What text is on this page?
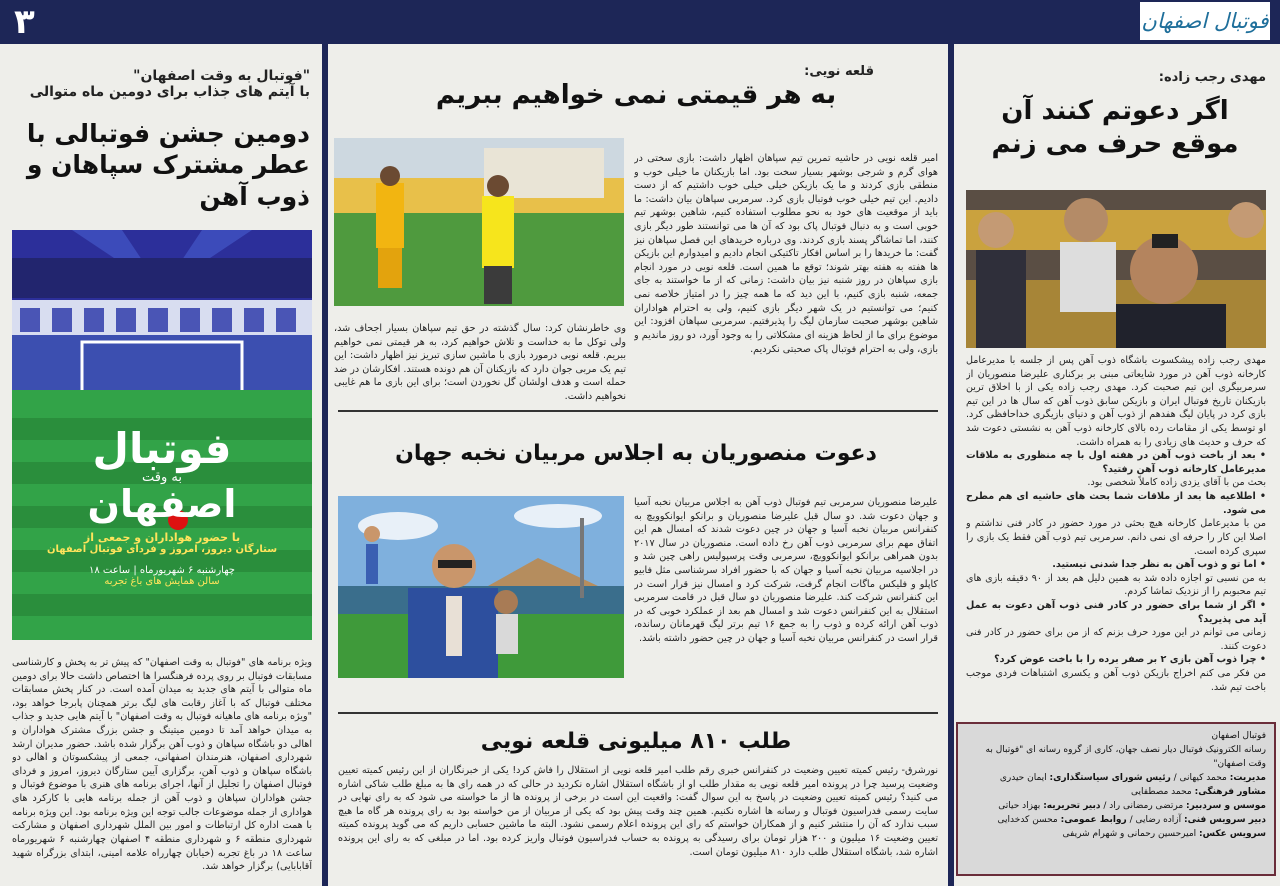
۳	فوتبال اصفهان
"فوتبال به وقت اصفهان"
با آیتم های جذاب برای دومین ماه متوالی
دومین جشن فوتبالی با عطر مشترک سپاهان و ذوب آهن
فوتبال
به وقت
اصفهان
با حضور هواداران و جمعی از
ستارگان دیروز، امروز و فردای فوتبال اصفهان
چهارشنبه ۶ شهریورماه | ساعت ۱۸
سالن همایش های باغ تجربه
ویژه برنامه های "فوتبال به وقت اصفهان" که پیش تر به پخش و کارشناسی مسابقات فوتبال بر روی پرده فرهنگسرا ها اختصاص داشت حالا برای دومین ماه متوالی با آیتم های جدید به میدان آمده است. در کنار پخش مسابقات مختلف فوتبال که با آغاز رقابت های لیگ برتر همچنان پابرجا خواهد بود، "ویژه برنامه های ماهیانه فوتبال به وقت اصفهان" با آیتم هایی جدید و جذاب به میدان خواهد آمد تا دومین میتینگ و جشن بزرگ مشترک هواداران و اهالی دو باشگاه سپاهان و ذوب آهن برگزار شده باشد. حضور مدیران ارشد شهرداری اصفهان، هنرمندان اصفهانی، جمعی از پیشکسوتان و اهالی دو باشگاه سپاهان و ذوب آهن، برگزاری آیین ستارگان دیروز، امروز و فردای فوتبال اصفهان را تجلیل از آنها، اجرای برنامه های هنری با موضوع فوتبال و جشن هواداران سپاهان و ذوب آهن از جمله برنامه هایی با کارکرد های هواداری از جمله موضوعات جالب توجه این ویژه برنامه بود. این ویژه برنامه با همت اداره کل ارتباطات و امور بین الملل شهرداری اصفهان و مشارکت شهرداری منطقه ۶ و شهرداری منطقه ۴ اصفهان چهارشنبه ۶ شهریورماه ساعت ۱۸ در باغ تجربه (خیابان چهارراه علامه امینی، ابتدای بزرگراه شهید آقابابایی) برگزار خواهد شد.
قلعه نویی:
به هر قیمتی نمی خواهیم ببریم
امیر قلعه نویی در حاشیه تمرین تیم سپاهان اظهار داشت: بازی سختی در هوای گرم و شرجی بوشهر بسیار سخت بود. اما بازیکنان ما خیلی خوب و منطقی بازی کردند و ما یک بازیکن خیلی خیلی خوب داشتیم که از دست دادیم. این تیم خیلی خوب فوتبال بازی کرد. سرمربی سپاهان بیان داشت: ما باید از موقعیت های خود به نحو مطلوب استفاده کنیم، شاهین بوشهر تیم خوبی است و به دنبال فوتبال پاک بود که آن ها می توانستند طور دیگر بازی کنند، اما تماشاگر پسند بازی کردند. وی درباره خریدهای این فصل سپاهان نیز گفت: ما خریدها را بر اساس افکار تاکتیکی انجام دادیم و امیدوارم این بازیکن ها هفته به هفته بهتر شوند؛ توقع ما همین است. قلعه نویی در مورد انجام بازی سپاهان در روز شنبه نیز بیان داشت: زمانی که از ما خواستند به جای جمعه، شنبه بازی کنیم، با این دید که ما همه چیز را در امتیاز خلاصه نمی کنیم؛ می توانستیم در یک شهر دیگر بازی کنیم، ولی به احترام هواداران شاهین بوشهر صحبت سازمان لیگ را پذیرفتیم. سرمربی سپاهان افزود: این موضوع برای ما از لحاظ هزینه ای مشکلاتی را به وجود آورد، دو روز ماندیم و بازی، ولی به احترام فوتبال پاک صحبتی نکردیم.
وی خاطرنشان کرد: سال گذشته در حق تیم سپاهان بسیار اجحاف شد، ولی توکل ما به خداست و تلاش خواهیم کرد، به هر قیمتی نمی خواهیم ببریم. قلعه نویی درمورد بازی با ماشین سازی تبریز نیز اظهار داشت: این تیم یک مربی جوان دارد که بازیکنان آن هم دونده هستند. افکارشان در ضد حمله است و هدف اولشان گل نخوردن است؛ برای این بازی ما هم غایبی نخواهیم داشت.
دعوت منصوریان به اجلاس مربیان نخبه جهان
علیرضا منصوریان سرمربی تیم فوتبال ذوب آهن به اجلاس مربیان نخبه آسیا و جهان دعوت شد. دو سال قبل علیرضا منصوریان و برانکو ایوانکوویچ به کنفرانس مربیان نخبه آسیا و جهان در چین دعوت شدند که امسال هم این اتفاق مهم برای سرمربی ذوب آهن رخ داده است. منصوریان در سال ۲۰۱۷ بدون همراهی برانکو ایوانکوویچ، سرمربی وقت پرسپولیس راهی چین شد و در اجلاسیه مربیان نخبه آسیا و جهان که با حضور افراد سرشناسی مثل فابیو کاپلو و فلیکس ماگات انجام گرفت، شرکت کرد و امسال نیز قرار است در این کنفرانس شرکت کند. علیرضا منصوریان دو سال قبل در قامت سرمربی استقلال به این کنفرانس دعوت شد و امسال هم بعد از عملکرد خوبی که در ذوب آهن ارائه کرده و ذوب را به جمع ۱۶ تیم برتر لیگ قهرمانان رسانده، قرار است در کنفرانس مربیان نخبه آسیا و جهان در چین حضور داشته باشد.
طلب ۸۱۰ میلیونی قلعه نویی
نورشرق- رئیس کمیته تعیین وضعیت در کنفرانس خبری رقم طلب امیر قلعه نویی از استقلال را فاش کرد! یکی از خبرنگاران از این رئیس کمیته تعیین وضعیت پرسید چرا در پرونده امیر قلعه نویی به مقدار طلب او از باشگاه استقلال اشاره نکردید در حالی که در همه رای ها به مبلغ طلب شاکی اشاره می کنید؟ رئیس کمیته تعیین وضعیت در پاسخ به این سوال گفت: واقعیت این است در برخی از پرونده ها از ما خواسته می شود که به رای نهایی در سایت رسمی فدراسیون فوتبال و رسانه ها اشاره نکنیم. همین چند وقت پیش بود که یکی از مربیان از من خواسته بود به رای پرونده هر گاه ما هیچ سبب ندارد که آن را منتشر کنیم و از همکاران خواستم که رای این پرونده اعلام رسمی نشود. البته ما ماشین حسابی داریم که می گوید پرونده کمیته تعیین وضعیت ۱۶ میلیون و ۲۰۰ هزار تومان برای رسیدگی به پرونده به حساب فدراسیون فوتبال واریز کرده بود. اما در مبلغی که به رای این پرونده اشاره شد، باشگاه استقلال طلب دارد ۸۱۰ میلیون تومان است.
مهدی رجب زاده:
اگر دعوتم کنند آن موقع حرف می زنم
مهدی رجب زاده پیشکسوت باشگاه ذوب آهن پس از جلسه با مدیرعامل کارخانه ذوب آهن در مورد شایعاتی مبنی بر برکناری علیرضا منصوریان از سرمربیگری این تیم صحبت کرد. مهدی رجب زاده یکی از با اخلاق ترین بازیکنان تاریخ فوتبال ایران و بازیکن سابق ذوب آهن که سال ها در این تیم بازی کرد در پایان لیگ هفدهم از ذوب آهن و دنیای بازیگری خداحافظی کرد. او توسط یکی از مقامات رده بالای کارخانه ذوب آهن به نشستی دعوت شد که حرف و حدیث های زیادی را به همراه داشت.
• بعد از باخت ذوب آهن در هفته اول با چه منظوری به ملاقات مدیرعامل کارخانه ذوب آهن رفتید؟
بحث من با آقای یزدی زاده کاملاً شخصی بود.
• اطلاعیه ها بعد از ملاقات شما بحث های حاشیه ای هم مطرح می شود.
من با مدیرعامل کارخانه هیچ بحثی در مورد حضور در کادر فنی نداشتم و اصلا این کار را حرفه ای نمی دانم. سرمربی تیم ذوب آهن فقط یک بازی را سپری کرده است.
• اما تو و ذوب آهن به نظر جدا شدنی نیستید.
به من نسبی تو اجازه داده شد به همین دلیل هم بعد از ۹۰ دقیقه بازی های تیم محبوبم را از نزدیک تماشا کردم.
• اگر از شما برای حضور در کادر فنی ذوب آهن دعوت به عمل آید می پذیرید؟
زمانی می توانم در این مورد حرف بزنم که از من برای حضور در کادر فنی دعوت کنند.
• چرا ذوب آهن بازی ۲ بر صفر برده را با باخت عوض کرد؟
من فکر می کنم اخراج بازیکن ذوب آهن و یکسری اشتباهات فردی موجب باخت تیم شد.
فوتبال اصفهان
رسانه الکترونیک فوتبال دیار نصف جهان، کاری از گروه رسانه ای "فوتبال به وقت اصفهان"
مدیریت: محمد کیهانی / رئیس شورای سیاستگذاری: ایمان حیدری
مشاور فرهنگی: محمد مصطفایی
موسس و سردبیر: مرتضی رمضانی راد / دبیر تحریریه: بهزاد حیاتی
دبیر سرویس فنی: آزاده رضایی / روابط عمومی: محسن کدخدایی
سرویس عکس: امیرحسین رحمانی و شهرام شریفی
